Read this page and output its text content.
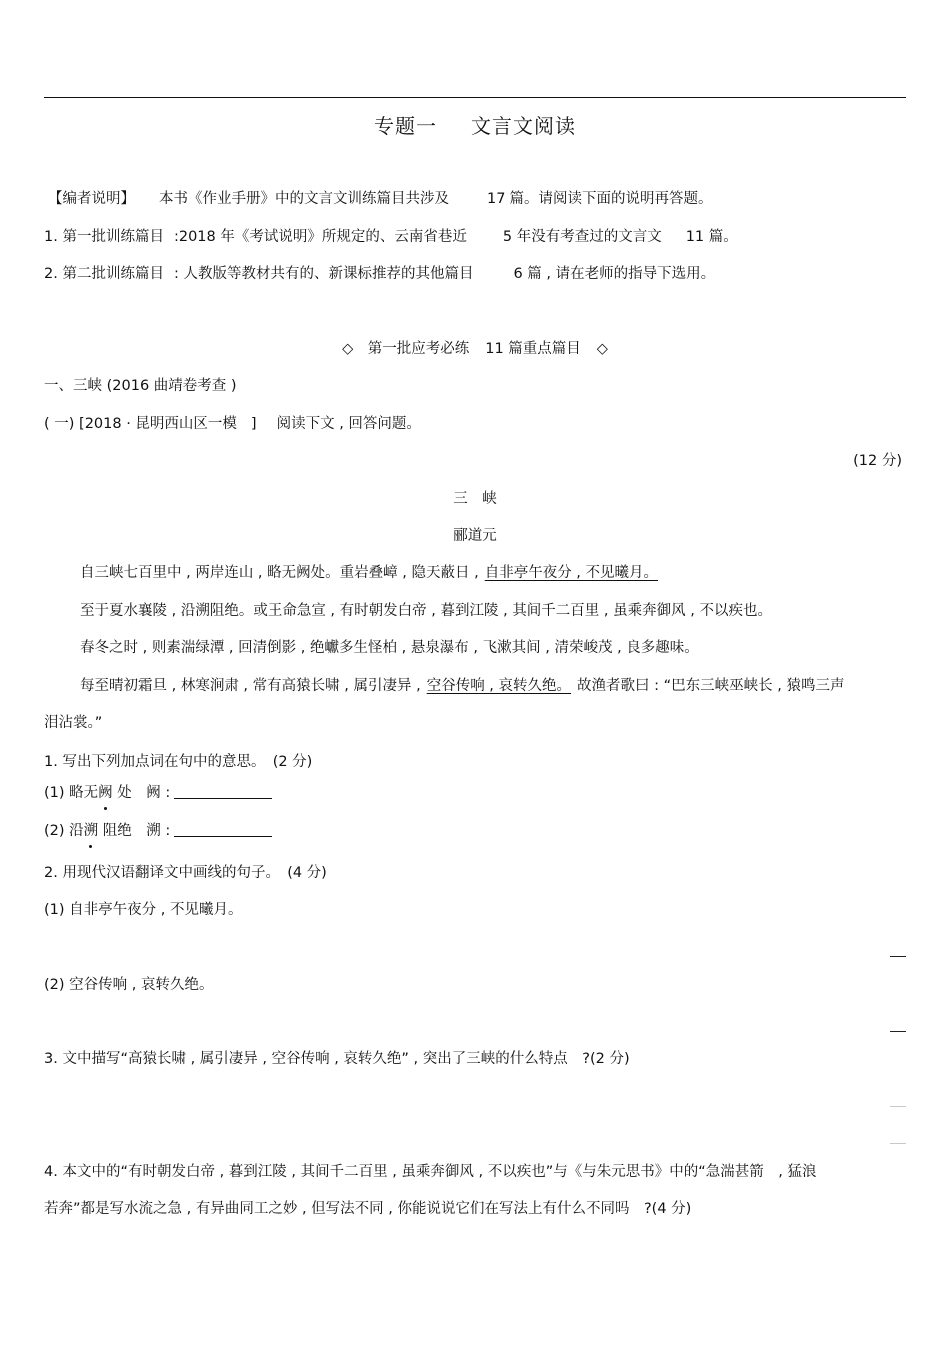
专题一 文言文阅读
【编者说明】 本书《作业手册》中的文言文训练篇目共涉及	17 篇。请阅读下面的说明再答题。
1. 第一批训练篇目 :2018 年《考试说明》所规定的、云南省巷近 5 年没有考查过的文言文 11 篇。
2. 第二批训练篇目 : 人教版等教材共有的、新课标推荐的其他篇目	6 篇 , 请在老师的指导下选用。
◇　第一批应考必练 11 篇重点篇目 ◇
一、三峡 (2016 曲靖卷考查 )
( 一) [2018 · 昆明西山区一模 ] 阅读下文 , 回答问题。
(12 分)
三　峡
郦道元
自三峡七百里中 , 两岸连山 , 略无阙处。重岩叠嶂 , 隐天蔽日 , 自非亭午夜分 , 不见曦月。
至于夏水襄陵 , 沿溯阻绝。或王命急宣 , 有时朝发白帝 , 暮到江陵 , 其间千二百里 , 虽乘奔御风 , 不以疾也。
春冬之时 , 则素湍绿潭 , 回清倒影 , 绝巘多生怪柏 , 悬泉瀑布 , 飞漱其间 , 清荣峻茂 , 良多趣味。
每至晴初霜旦 , 林寒涧肃 , 常有高猿长啸 , 属引凄异 , 空谷传响 , 哀转久绝。 故渔者歌曰 : “巴东三峡巫峡长 , 猿鸣三声
泪沾裳。”
1. 写出下列加点词在句中的意思。　(2 分)
(1) 略无阙 处　阙 :
(2) 沿溯 阻绝　溯 :
2. 用现代汉语翻译文中画线的句子。　(4 分)
(1) 自非亭午夜分 , 不见曦月。
(2) 空谷传响 , 哀转久绝。
3. 文中描写“高猿长啸 , 属引凄异 , 空谷传响 , 哀转久绝” , 突出了三峡的什么特点　?(2 分)
4. 本文中的“有时朝发白帝 , 暮到江陵 , 其间千二百里 , 虽乘奔御风 , 不以疾也”与《与朱元思书》中的“急湍甚箭　, 猛浪
若奔”都是写水流之急 , 有异曲同工之妙 , 但写法不同 , 你能说说它们在写法上有什么不同吗　?(4 分)
